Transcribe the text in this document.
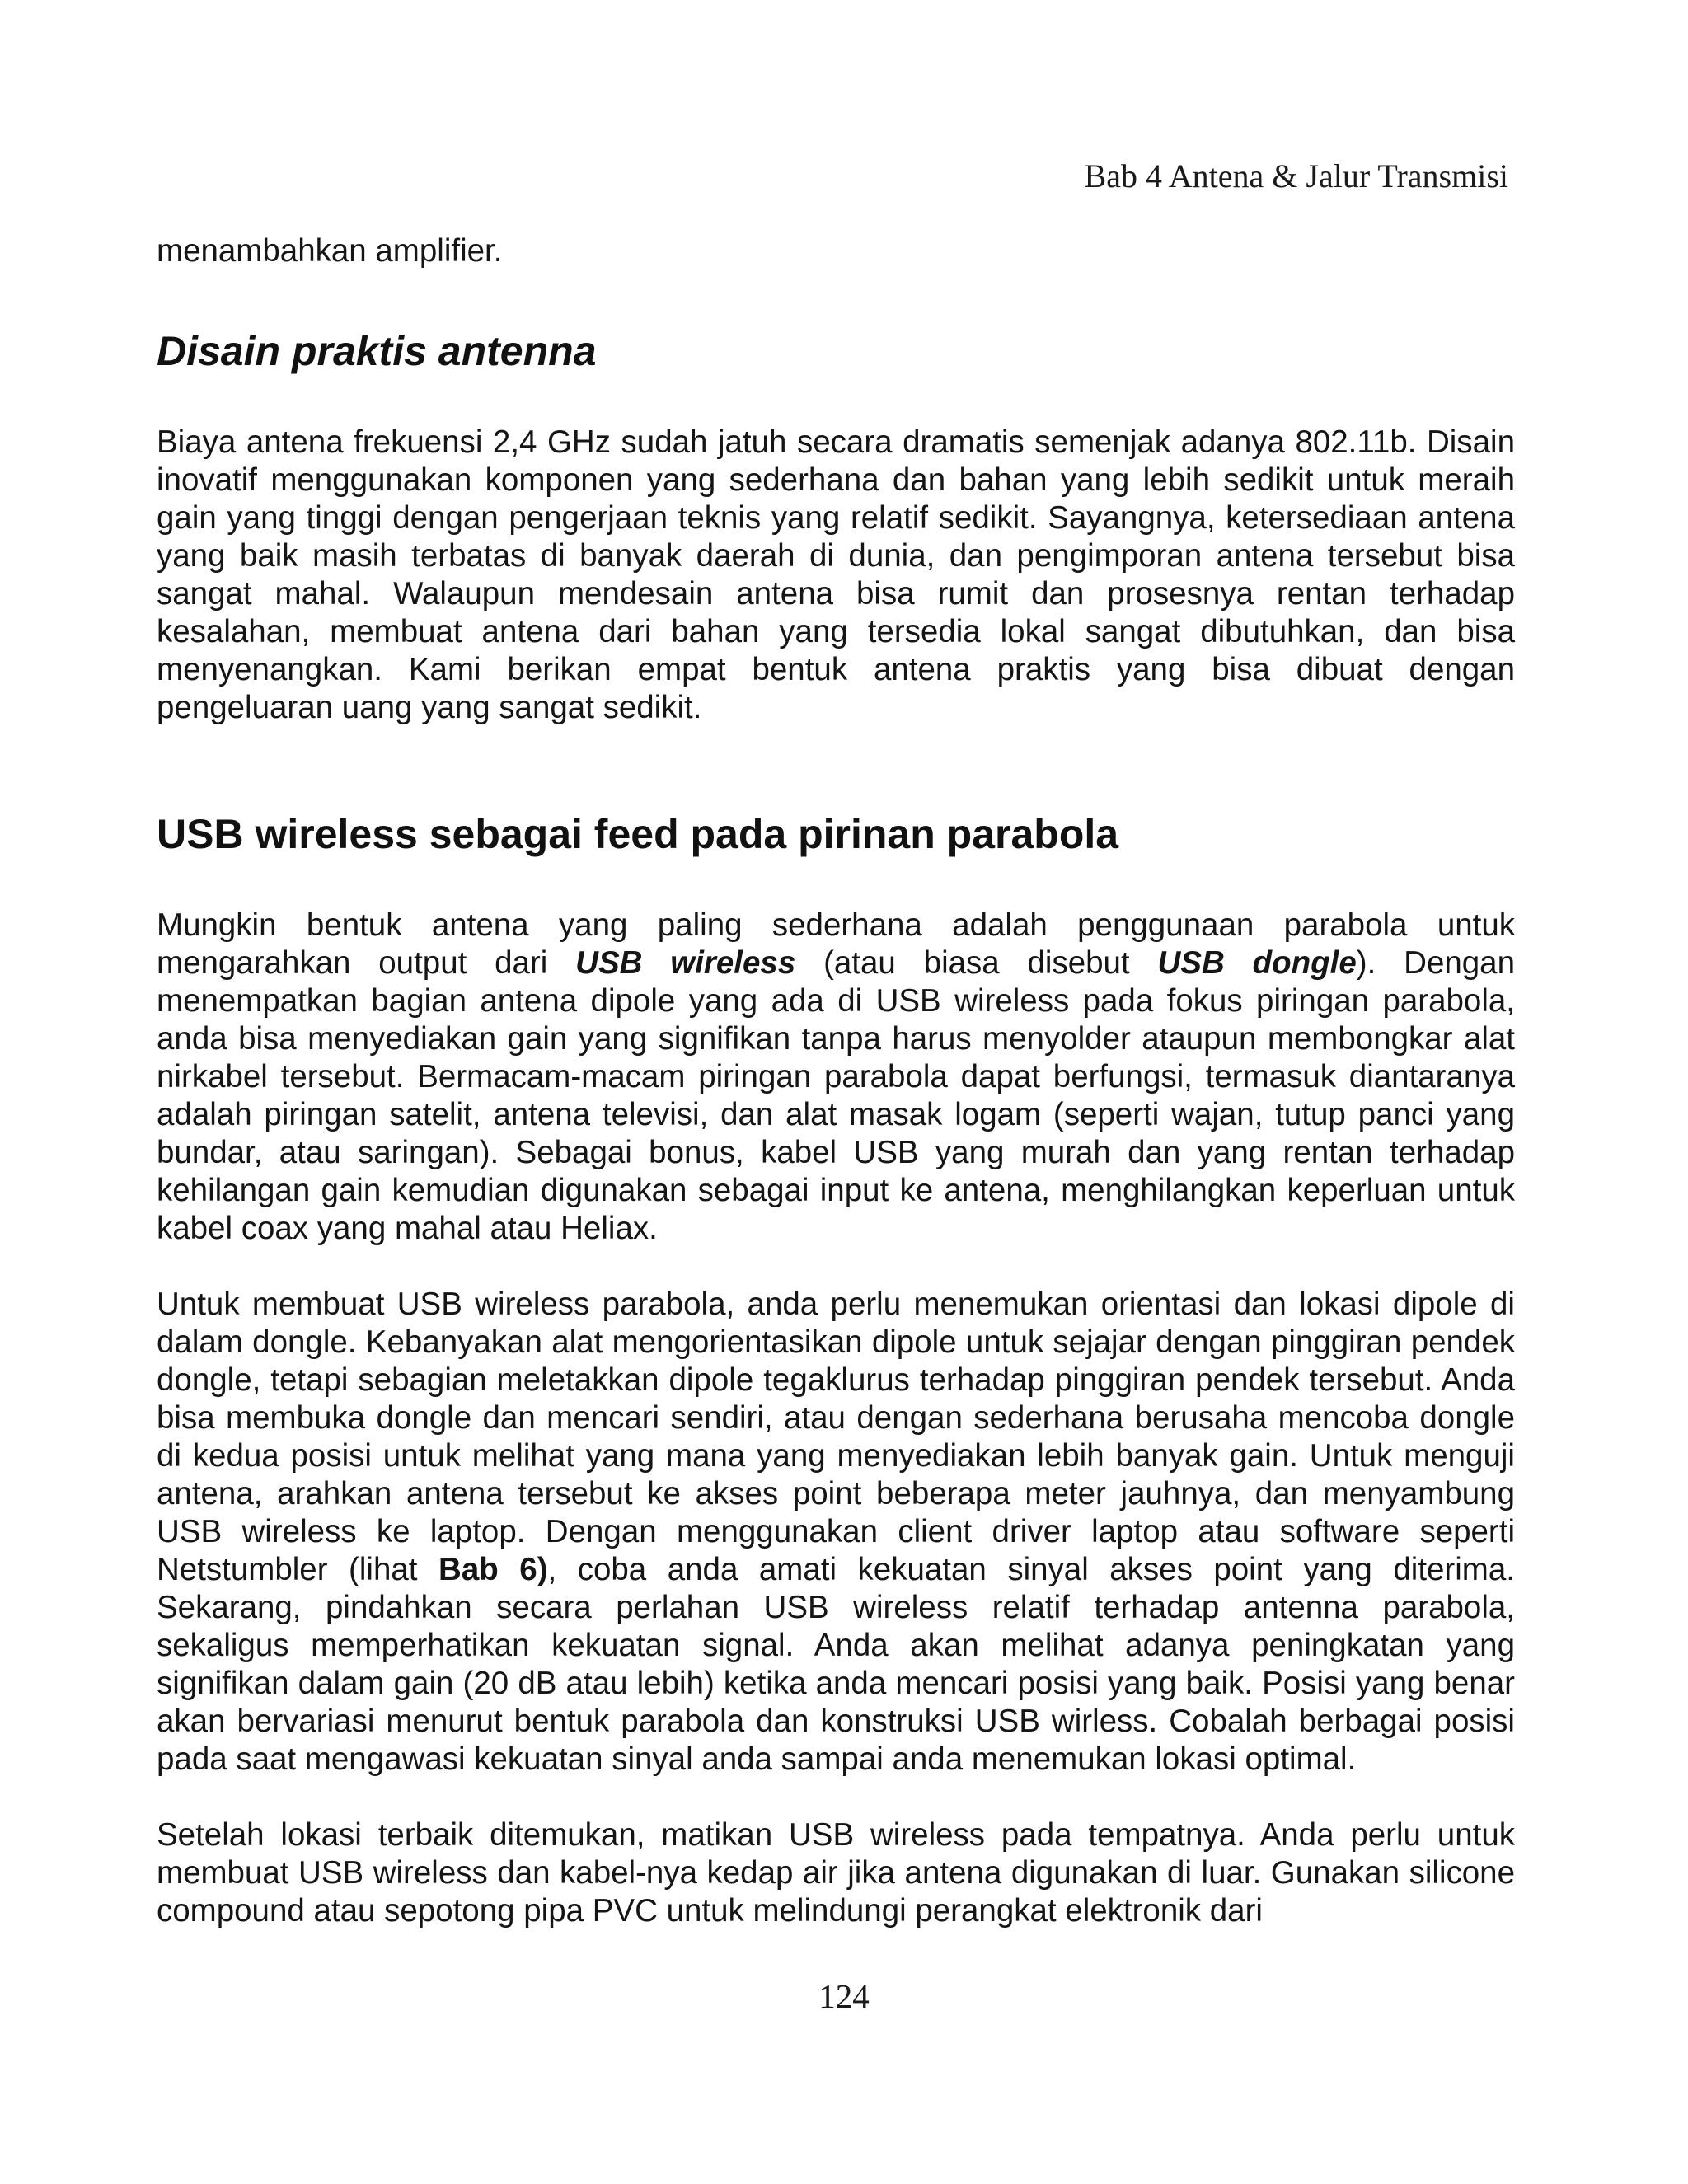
Bab 4 Antena & Jalur Transmisi

menambahkan amplifier.

Disain praktis antenna

Biaya antena frekuensi 2,4 GHz sudah jatuh secara dramatis semenjak adanya 802.11b. Disain inovatif menggunakan komponen yang sederhana dan bahan yang lebih sedikit untuk meraih gain yang tinggi dengan pengerjaan teknis yang relatif sedikit. Sayangnya, ketersediaan antena yang baik masih terbatas di banyak daerah di dunia, dan pengimporan antena tersebut bisa sangat mahal. Walaupun mendesain antena bisa rumit dan prosesnya rentan terhadap kesalahan, membuat antena dari bahan yang tersedia lokal sangat dibutuhkan, dan bisa menyenangkan. Kami berikan empat bentuk antena praktis yang bisa dibuat dengan pengeluaran uang yang sangat sedikit.

USB wireless sebagai feed pada pirinan parabola

Mungkin bentuk antena yang paling sederhana adalah penggunaan parabola untuk mengarahkan output dari USB wireless (atau biasa disebut USB dongle). Dengan menempatkan bagian antena dipole yang ada di USB wireless pada fokus piringan parabola, anda bisa menyediakan gain yang signifikan tanpa harus menyolder ataupun membongkar alat nirkabel tersebut. Bermacam-macam piringan parabola dapat berfungsi, termasuk diantaranya adalah piringan satelit, antena televisi, dan alat masak logam (seperti wajan, tutup panci yang bundar, atau saringan). Sebagai bonus, kabel USB yang murah dan yang rentan terhadap kehilangan gain kemudian digunakan sebagai input ke antena, menghilangkan keperluan untuk kabel coax yang mahal atau Heliax.

Untuk membuat USB wireless parabola, anda perlu menemukan orientasi dan lokasi dipole di dalam dongle. Kebanyakan alat mengorientasikan dipole untuk sejajar dengan pinggiran pendek dongle, tetapi sebagian meletakkan dipole tegaklurus terhadap pinggiran pendek tersebut. Anda bisa membuka dongle dan mencari sendiri, atau dengan sederhana berusaha mencoba dongle di kedua posisi untuk melihat yang mana yang menyediakan lebih banyak gain. Untuk menguji antena, arahkan antena tersebut ke akses point beberapa meter jauhnya, dan menyambung USB wireless ke laptop. Dengan menggunakan client driver laptop atau software seperti Netstumbler (lihat Bab 6), coba anda amati kekuatan sinyal akses point yang diterima. Sekarang, pindahkan secara perlahan USB wireless relatif terhadap antenna parabola, sekaligus memperhatikan kekuatan signal. Anda akan melihat adanya peningkatan yang signifikan dalam gain (20 dB atau lebih) ketika anda mencari posisi yang baik. Posisi yang benar akan bervariasi menurut bentuk parabola dan konstruksi USB wirless. Cobalah berbagai posisi pada saat mengawasi kekuatan sinyal anda sampai anda menemukan lokasi optimal.

Setelah lokasi terbaik ditemukan, matikan USB wireless pada tempatnya. Anda perlu untuk membuat USB wireless dan kabel-nya kedap air jika antena digunakan di luar. Gunakan silicone compound atau sepotong pipa PVC untuk melindungi perangkat elektronik dari

124
